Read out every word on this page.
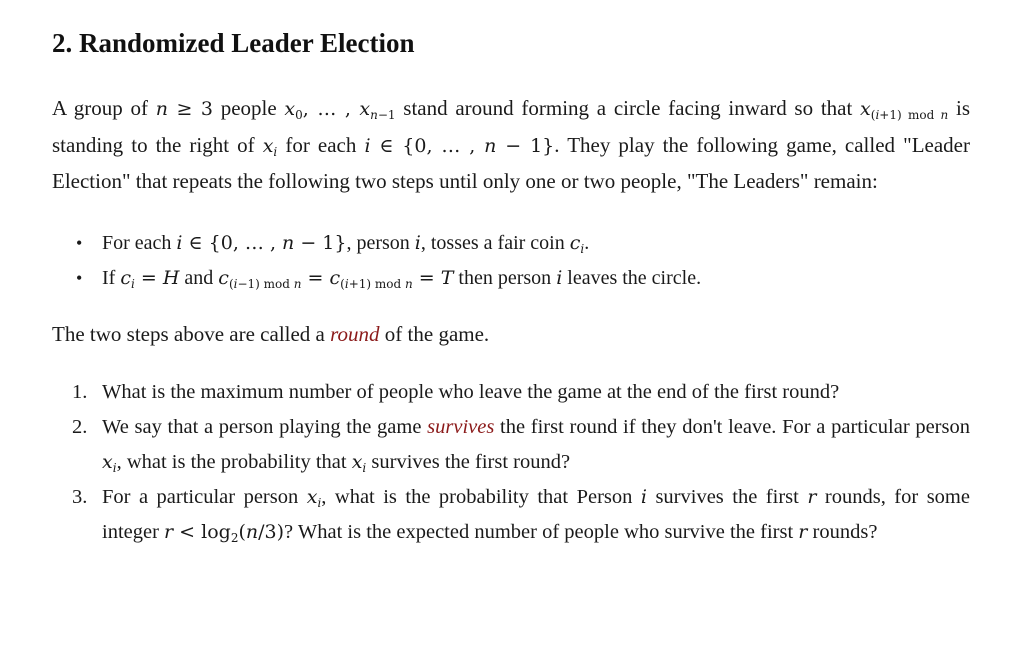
2. Randomized Leader Election

A group of n ≥ 3 people x0, … , $x_n-1$ stand around forming a circle facing inward so that $x(_i+1)$ mod $_n$ is standing to the right of $x_i$ for each i ∈ {0, … , n − 1}. They play the following game, called "Leader Election" that repeats the following two steps until only one or two people, "The Leaders" remain:

• For each i ∈ {0, … , n − 1}, person i, tosses a fair coin $c_i$.
• If $c_i = H$ and $c_{(i-1) mod}$ $_n = c_{(i+1) mod}$ $_n$ = T then person i leaves the circle.

The two steps above are called a round of the game.

1. What is the maximum number of people who leave the game at the end of the first round?
2. We say that a person playing the game survives the first round if they don't leave. For a particular person $x_i$, what is the probability that $x_i$ survives the first round?
3. For a particular person $x_i$, what is the probability that Person i survives the first r rounds, for some integer r < log2(n/3)? What is the expected number of people who survive the first r rounds?
